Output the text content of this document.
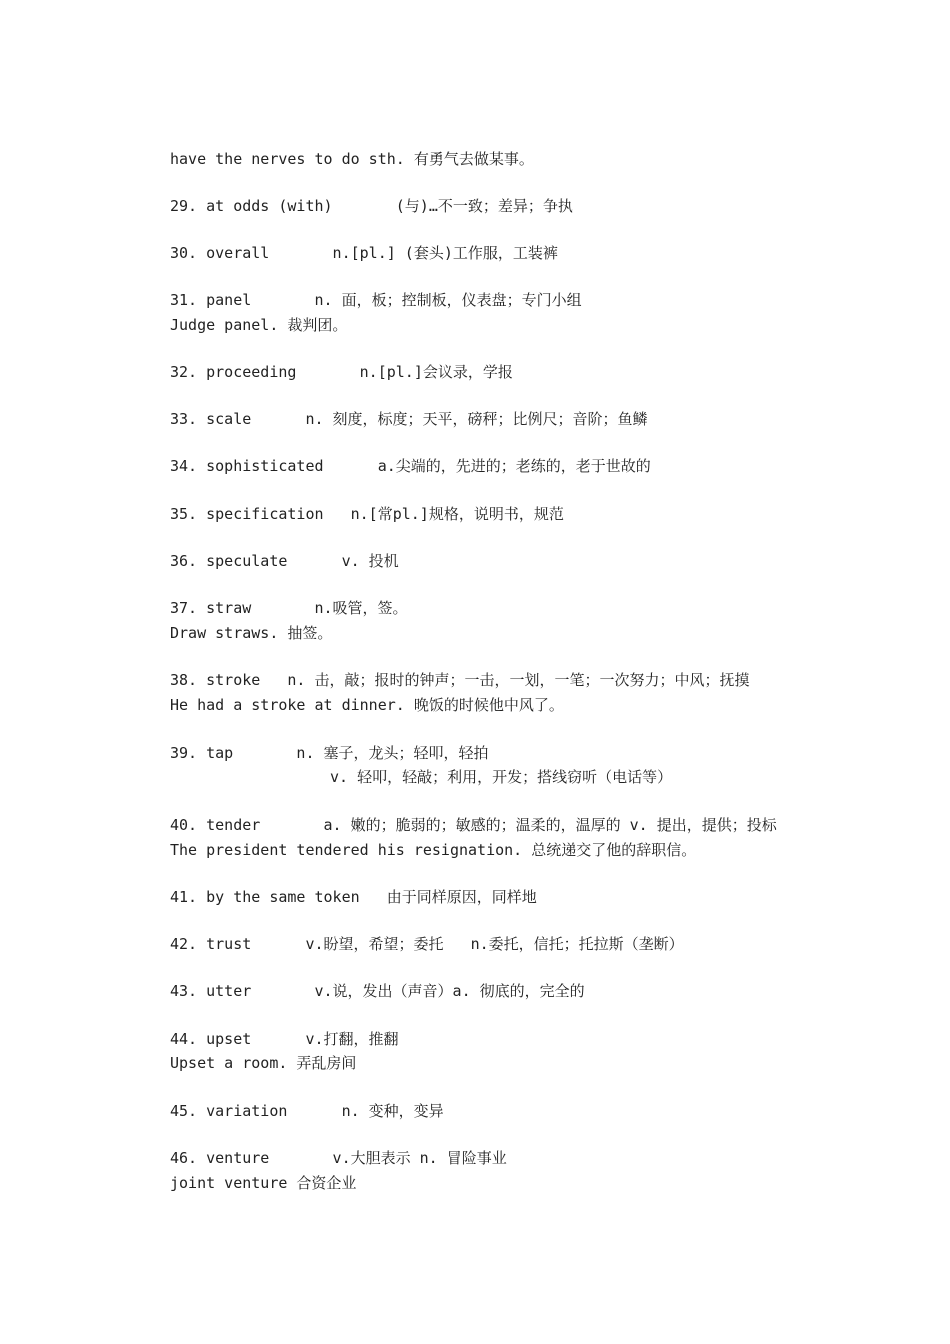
have the nerves to do sth. 有勇气去做某事。
29. at odds (with)       (与)…不一致；差异；争执
30. overall       n.[pl.] (套头)工作服，工装裤
31. panel       n. 面，板；控制板，仪表盘；专门小组
Judge panel. 裁判团。
32. proceeding       n.[pl.]会议录，学报
33. scale      n. 刻度，标度；天平，磅秤；比例尺；音阶；鱼鳞
34. sophisticated      a.尖端的，先进的；老练的，老于世故的
35. specification   n.[常pl.]规格，说明书，规范
36. speculate      v. 投机
37. straw       n.吸管，签。
Draw straws. 抽签。
38. stroke   n. 击，敲；报时的钟声；一击，一划，一笔；一次努力；中风；抚摸
He had a stroke at dinner. 晚饭的时候他中风了。
39. tap       n. 塞子，龙头；轻叩，轻拍
v. 轻叩，轻敲；利用，开发；搭线窃听（电话等）
40. tender       a. 嫩的；脆弱的；敏感的；温柔的，温厚的 v. 提出，提供；投标
The president tendered his resignation. 总统递交了他的辞职信。
41. by the same token   由于同样原因，同样地
42. trust      v.盼望，希望；委托   n.委托，信托；托拉斯（垄断）
43. utter       v.说，发出（声音）a. 彻底的，完全的
44. upset      v.打翻，推翻
Upset a room. 弄乱房间
45. variation      n. 变种，变异
46. venture       v.大胆表示 n. 冒险事业
joint venture 合资企业
